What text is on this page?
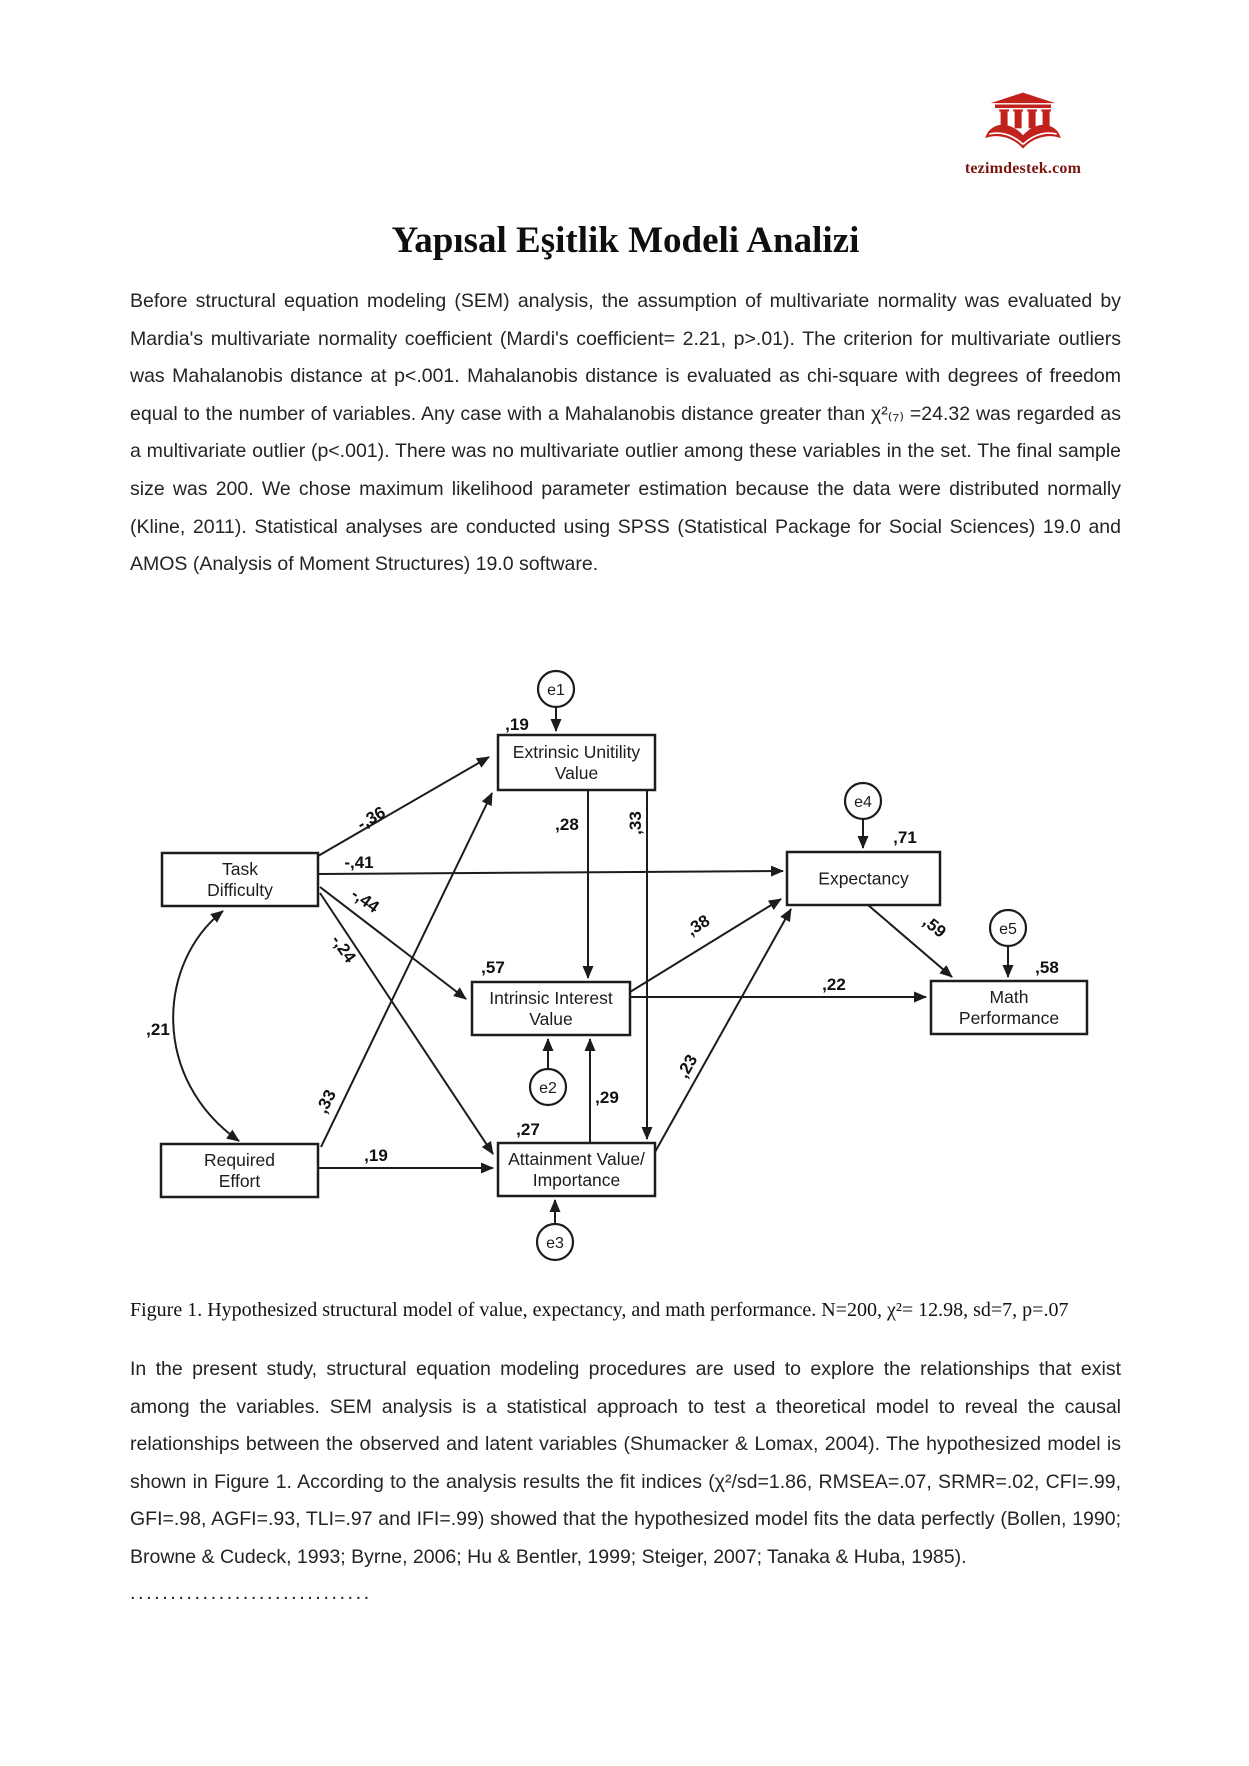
tezimdestek.com
Yapısal Eşitlik Modeli Analizi
Before structural equation modeling (SEM) analysis, the assumption of multivariate normality was evaluated by Mardia's multivariate normality coefficient (Mardi's coefficient= 2.21, p>.01). The criterion for multivariate outliers was Mahalanobis distance at p<.001. Mahalanobis distance is evaluated as chi-square with degrees of freedom equal to the number of variables. Any case with a Mahalanobis distance greater than χ²₍₇₎ =24.32 was regarded as a multivariate outlier (p<.001). There was no multivariate outlier among these variables in the set. The final sample size was 200. We chose maximum likelihood parameter estimation because the data were distributed normally (Kline, 2011). Statistical analyses are conducted using SPSS (Statistical Package for Social Sciences) 19.0 and AMOS (Analysis of Moment Structures) 19.0 software.
,21
-,36
-,41
-,44
-,24
,33
,19
,28	,33
,29
,38
,23
,59
,22
Extrinsic Unitility
Value
,19
Task
Difficulty
Expectancy
,71
Intrinsic Interest
Value
,57
Math
Performance
,58
Required
Effort
Attainment Value/
Importance
,27
e1
e2
e3
e4
e5
Figure 1. Hypothesized structural model of value, expectancy, and math performance. N=200, χ²= 12.98, sd=7, p=.07
In the present study, structural equation modeling procedures are used to explore the relationships that exist among the variables. SEM analysis is a statistical approach to test a theoretical model to reveal the causal relationships between the observed and latent variables (Shumacker & Lomax, 2004). The hypothesized model is shown in Figure 1. According to the analysis results the fit indices (χ²/sd=1.86, RMSEA=.07, SRMR=.02, CFI=.99, GFI=.98, AGFI=.93, TLI=.97 and IFI=.99) showed that the hypothesized model fits the data perfectly (Bollen, 1990; Browne & Cudeck, 1993; Byrne, 2006; Hu & Bentler, 1999; Steiger, 2007; Tanaka & Huba, 1985).
..............................
